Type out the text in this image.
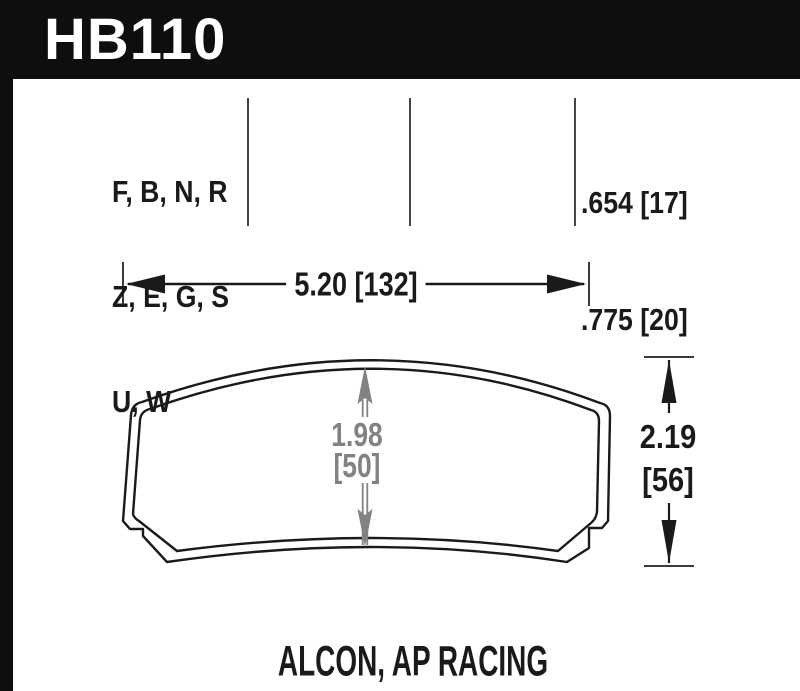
F, B, N, R

Z, E, G, S

U, W

.654 [17]

.775 [20]

5.20 [132]
1.98
[50]
2.19
[56]
ALCON, AP RACING
HB110
